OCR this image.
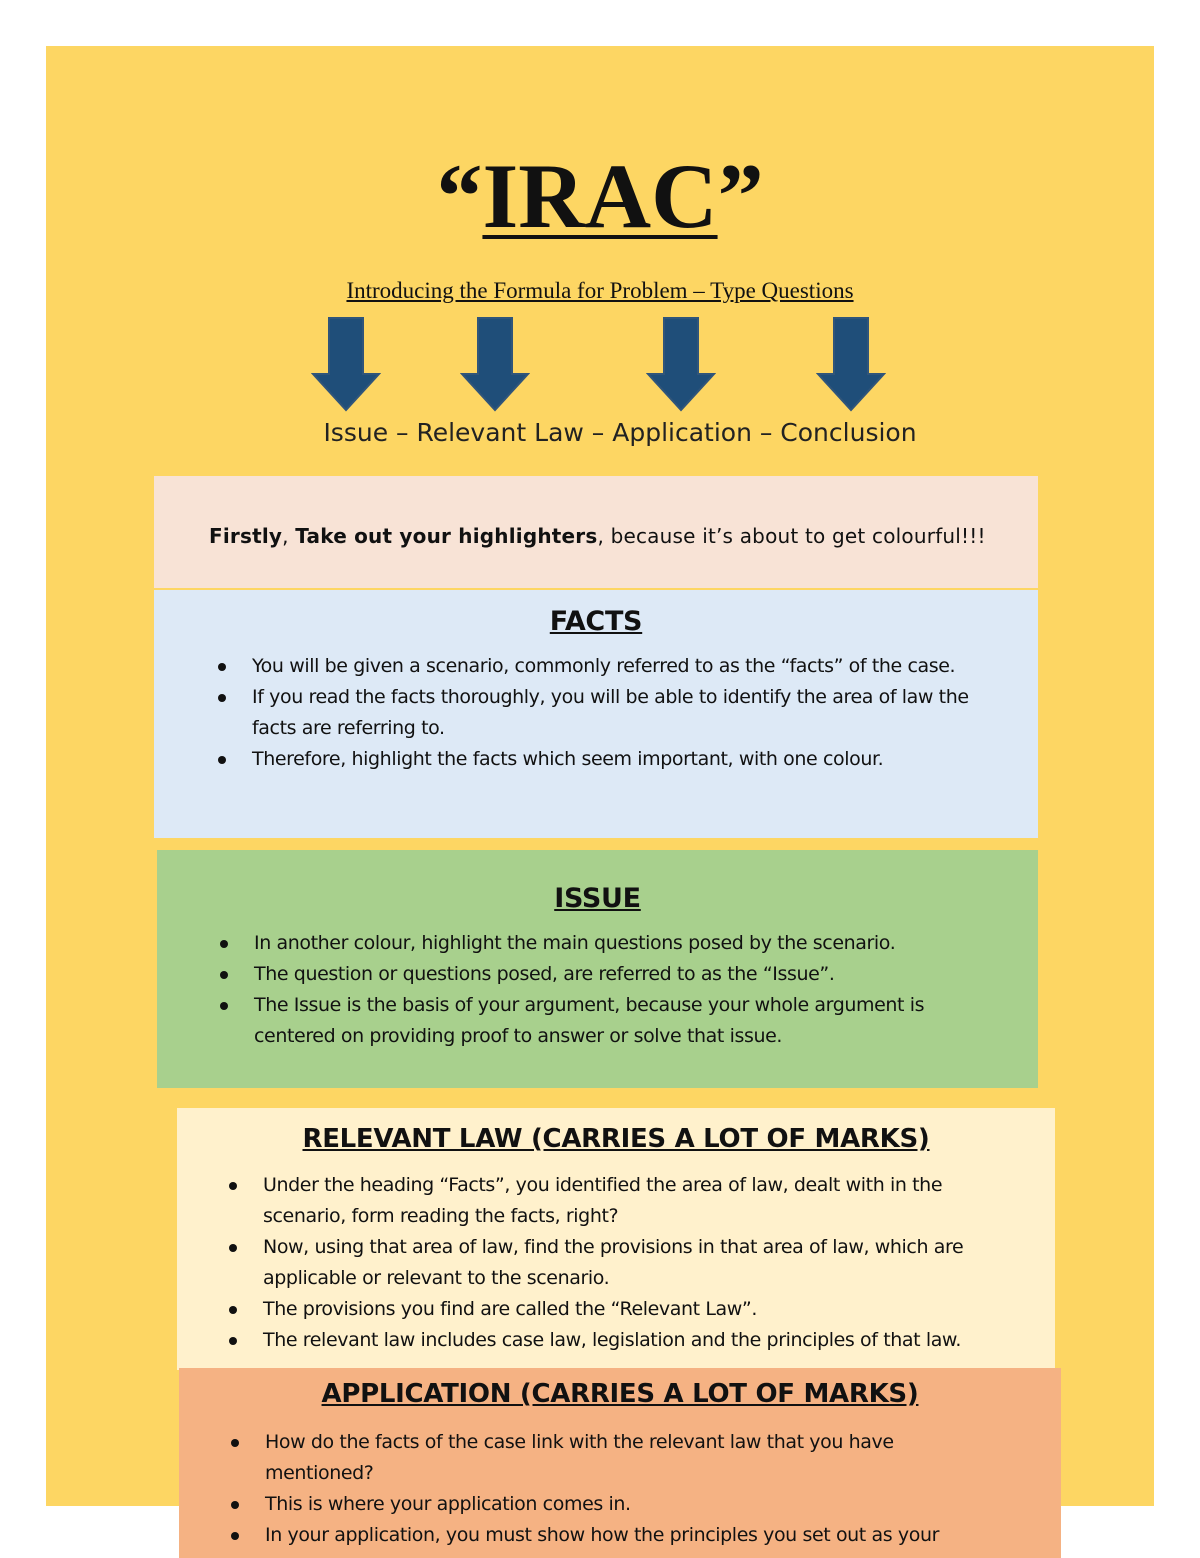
“IRAC”
Introducing the Formula for Problem – Type Questions
Issue – Relevant Law – Application – Conclusion

Firstly, Take out your highlighters, because it’s about to get colourful!!!

FACTS
You will be given a scenario, commonly referred to as the “facts” of the case.
If you read the facts thoroughly, you will be able to identify the area of law the facts are referring to.
Therefore, highlight the facts which seem important, with one colour.
ISSUE
In another colour, highlight the main questions posed by the scenario.
The question or questions posed, are referred to as the “Issue”.
The Issue is the basis of your argument, because your whole argument is centered on providing proof to answer or solve that issue.
RELEVANT LAW (CARRIES A LOT OF MARKS)
Under the heading “Facts”, you identified the area of law, dealt with in the scenario, form reading the facts, right?
Now, using that area of law, find the provisions in that area of law, which are applicable or relevant to the scenario.
The provisions you find are called the “Relevant Law”.
The relevant law includes case law, legislation and the principles of that law.
APPLICATION (CARRIES A LOT OF MARKS)
How do the facts of the case link with the relevant law that you have mentioned?
This is where your application comes in.
In your application, you must show how the principles you set out as your
